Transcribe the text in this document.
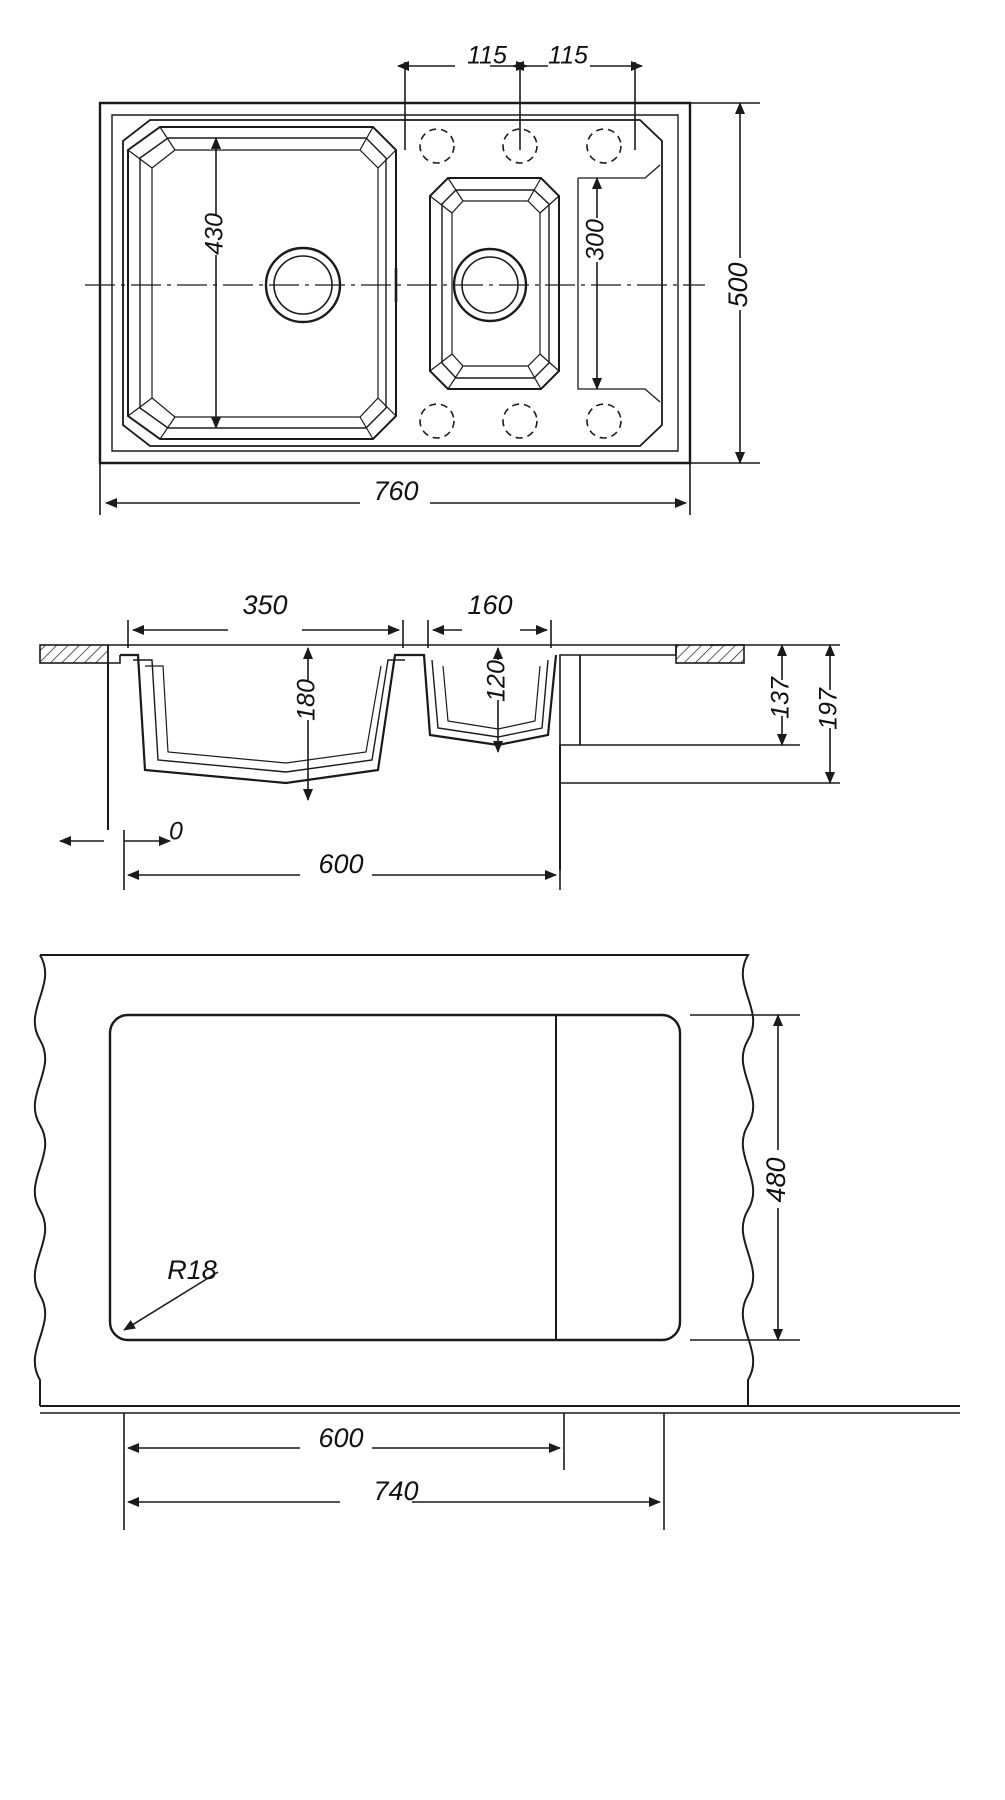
115 115
430	300
500
760
350	160
180	120	137 197
0
600
R18
480
600
740
